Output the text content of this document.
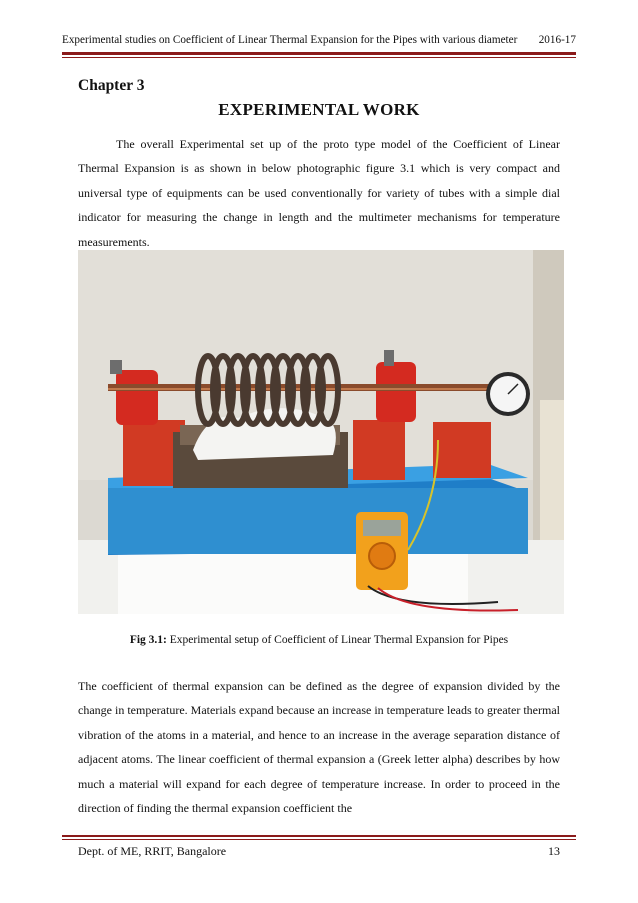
Experimental studies on Coefficient of Linear Thermal Expansion for the Pipes with various diameter 2016-17
Chapter 3
EXPERIMENTAL WORK

The overall Experimental set up of the proto type model of the Coefficient of Linear Thermal Expansion is as shown in below photographic figure 3.1 which is very compact and universal type of equipments can be used conventionally for variety of tubes with a simple dial indicator for measuring the change in length and the multimeter mechanisms for temperature measurements.

Fig 3.1: Experimental setup of Coefficient of Linear Thermal Expansion for Pipes

The coefficient of thermal expansion can be defined as the degree of expansion divided by the change in temperature. Materials expand because an increase in temperature leads to greater thermal vibration of the atoms in a material, and hence to an increase in the average separation distance of adjacent atoms. The linear coefficient of thermal expansion a (Greek letter alpha) describes by how much a material will expand for each degree of temperature increase. In order to proceed in the direction of finding the thermal expansion coefficient the

Dept. of ME, RRIT, Bangalore	13
